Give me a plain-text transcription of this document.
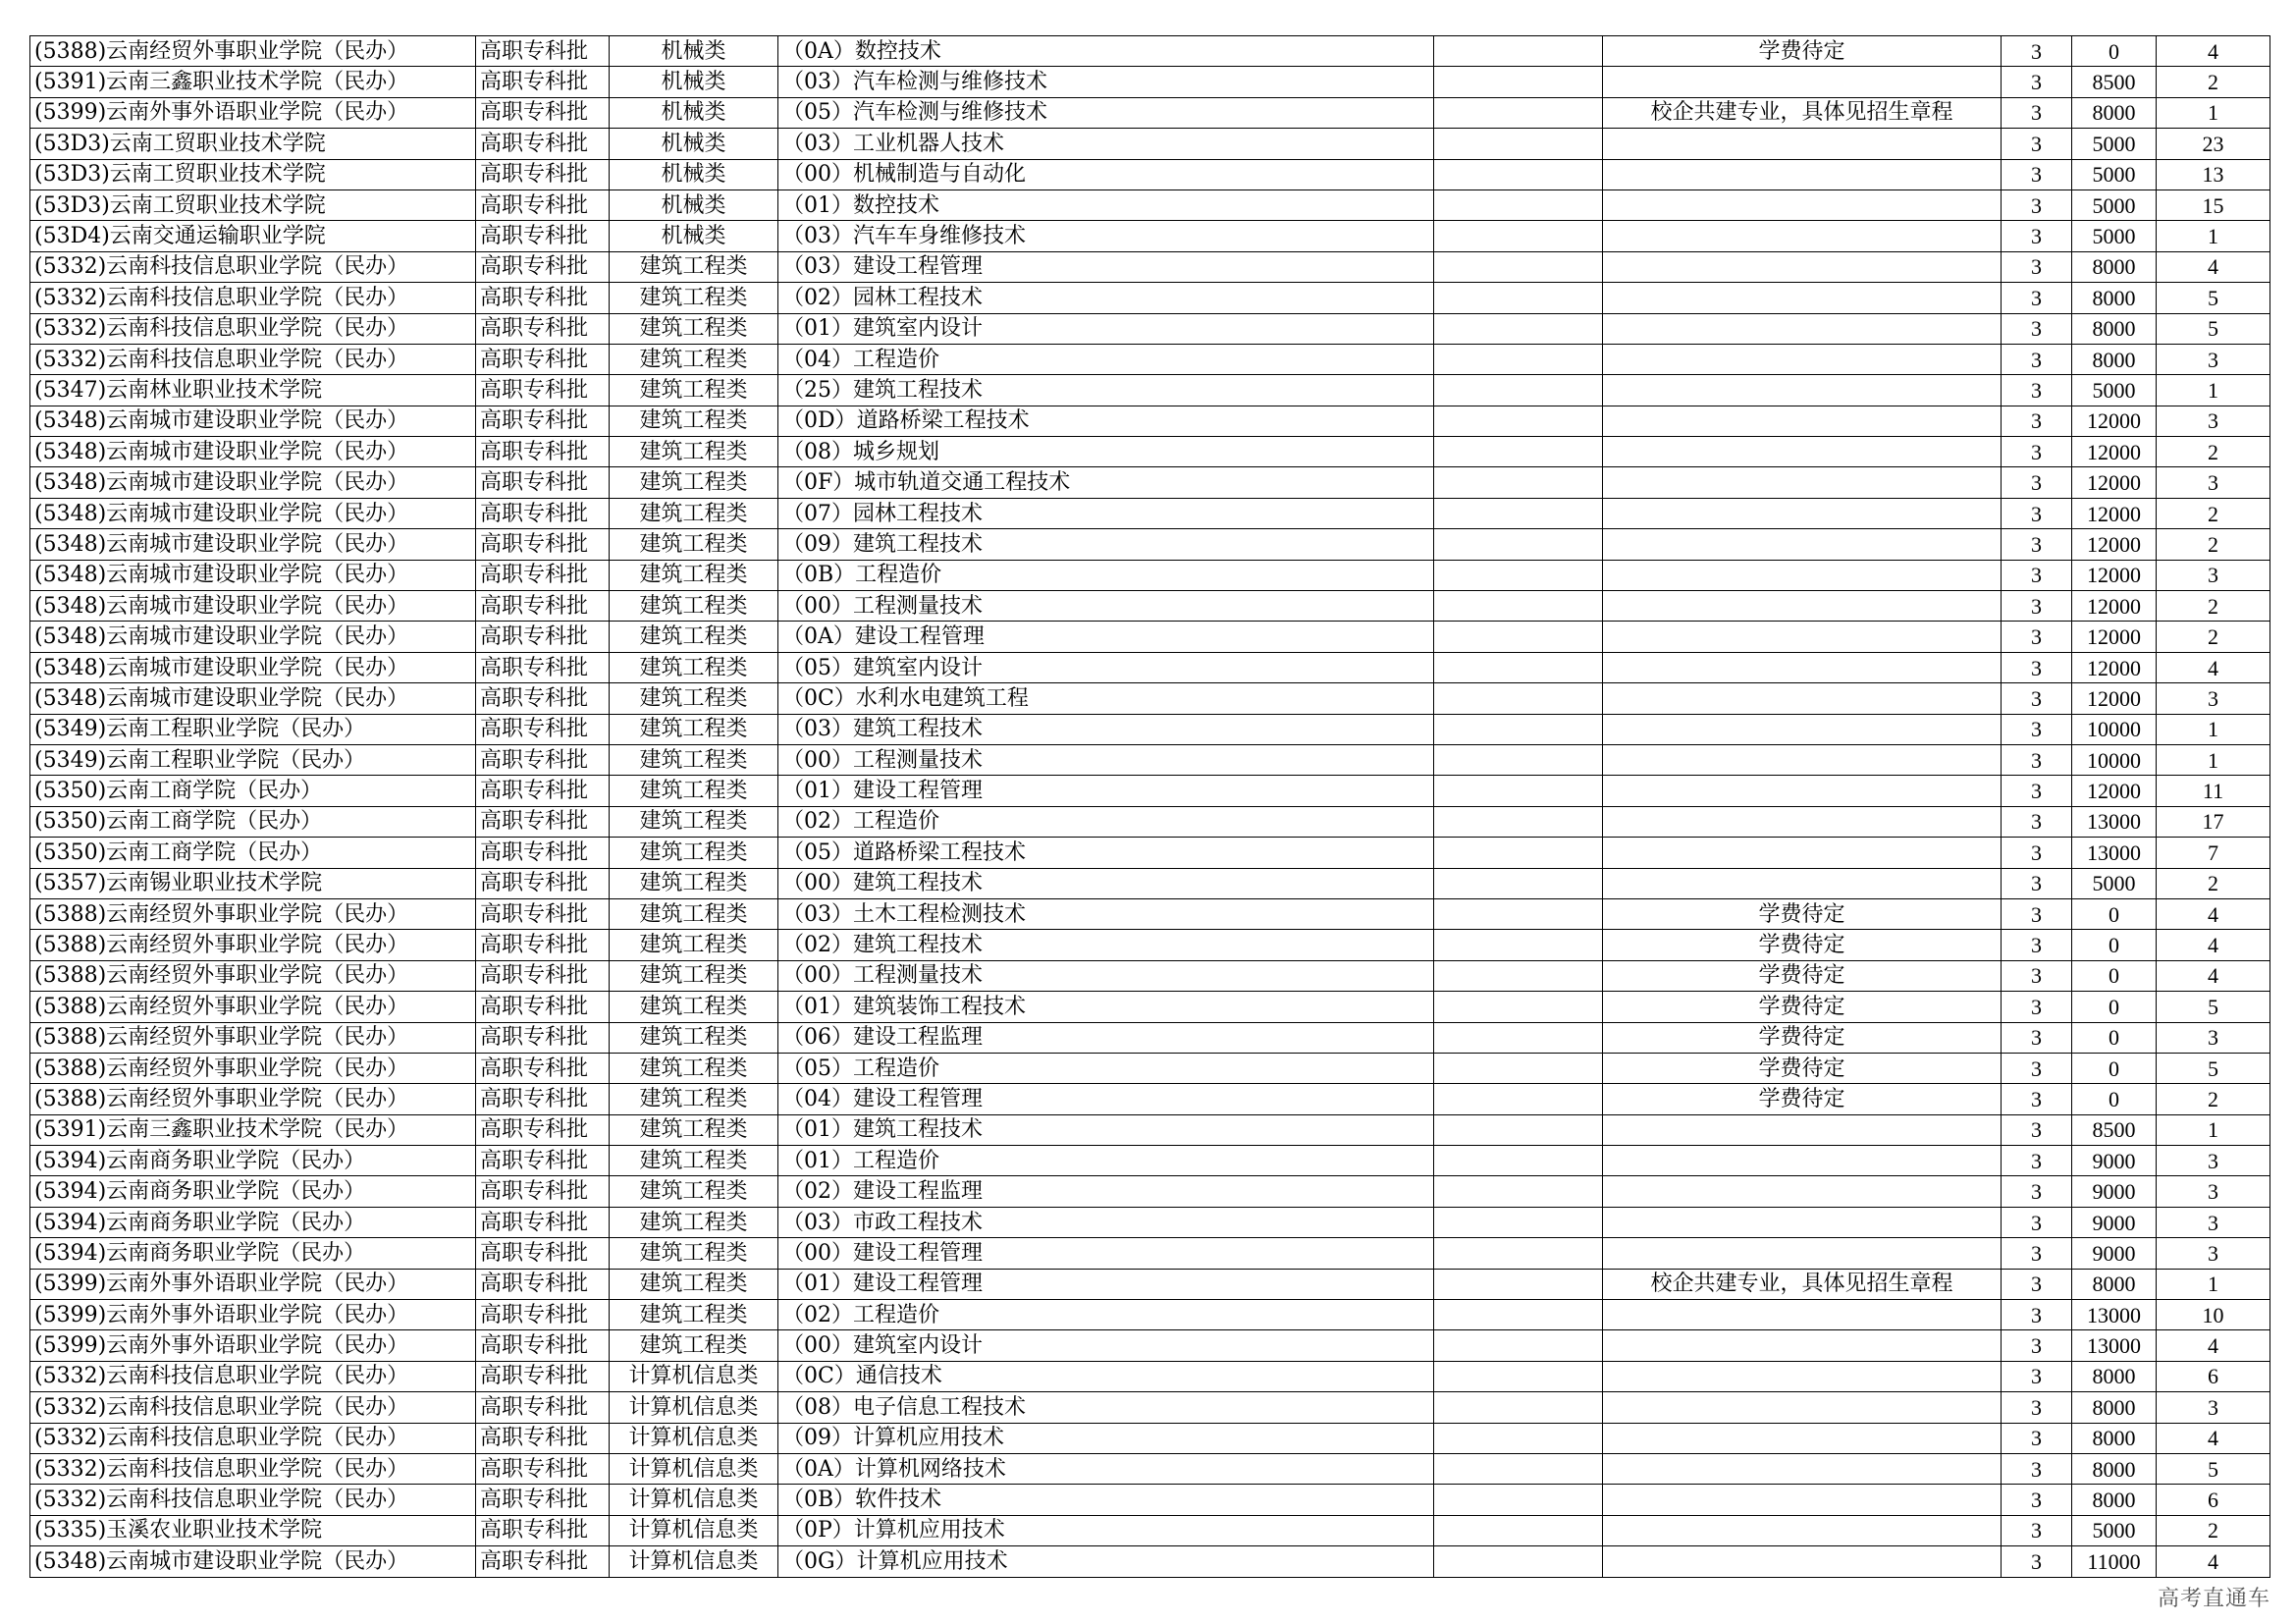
(5388)云南经贸外事职业学院（民办）	高职专科批	机械类	（0A）数控技术		学费待定	3	0	4
(5391)云南三鑫职业技术学院（民办）	高职专科批	机械类	（03）汽车检测与维修技术			3	8500	2
(5399)云南外事外语职业学院（民办）	高职专科批	机械类	（05）汽车检测与维修技术		校企共建专业，具体见招生章程	3	8000	1
(53D3)云南工贸职业技术学院	高职专科批	机械类	（03）工业机器人技术			3	5000	23
(53D3)云南工贸职业技术学院	高职专科批	机械类	（00）机械制造与自动化			3	5000	13
(53D3)云南工贸职业技术学院	高职专科批	机械类	（01）数控技术			3	5000	15
(53D4)云南交通运输职业学院	高职专科批	机械类	（03）汽车车身维修技术			3	5000	1
(5332)云南科技信息职业学院（民办）	高职专科批	建筑工程类	（03）建设工程管理			3	8000	4
(5332)云南科技信息职业学院（民办）	高职专科批	建筑工程类	（02）园林工程技术			3	8000	5
(5332)云南科技信息职业学院（民办）	高职专科批	建筑工程类	（01）建筑室内设计			3	8000	5
(5332)云南科技信息职业学院（民办）	高职专科批	建筑工程类	（04）工程造价			3	8000	3
(5347)云南林业职业技术学院	高职专科批	建筑工程类	（25）建筑工程技术			3	5000	1
(5348)云南城市建设职业学院（民办）	高职专科批	建筑工程类	（0D）道路桥梁工程技术			3	12000	3
(5348)云南城市建设职业学院（民办）	高职专科批	建筑工程类	（08）城乡规划			3	12000	2
(5348)云南城市建设职业学院（民办）	高职专科批	建筑工程类	（0F）城市轨道交通工程技术			3	12000	3
(5348)云南城市建设职业学院（民办）	高职专科批	建筑工程类	（07）园林工程技术			3	12000	2
(5348)云南城市建设职业学院（民办）	高职专科批	建筑工程类	（09）建筑工程技术			3	12000	2
(5348)云南城市建设职业学院（民办）	高职专科批	建筑工程类	（0B）工程造价			3	12000	3
(5348)云南城市建设职业学院（民办）	高职专科批	建筑工程类	（00）工程测量技术			3	12000	2
(5348)云南城市建设职业学院（民办）	高职专科批	建筑工程类	（0A）建设工程管理			3	12000	2
(5348)云南城市建设职业学院（民办）	高职专科批	建筑工程类	（05）建筑室内设计			3	12000	4
(5348)云南城市建设职业学院（民办）	高职专科批	建筑工程类	（0C）水利水电建筑工程			3	12000	3
(5349)云南工程职业学院（民办）	高职专科批	建筑工程类	（03）建筑工程技术			3	10000	1
(5349)云南工程职业学院（民办）	高职专科批	建筑工程类	（00）工程测量技术			3	10000	1
(5350)云南工商学院（民办）	高职专科批	建筑工程类	（01）建设工程管理			3	12000	11
(5350)云南工商学院（民办）	高职专科批	建筑工程类	（02）工程造价			3	13000	17
(5350)云南工商学院（民办）	高职专科批	建筑工程类	（05）道路桥梁工程技术			3	13000	7
(5357)云南锡业职业技术学院	高职专科批	建筑工程类	（00）建筑工程技术			3	5000	2
(5388)云南经贸外事职业学院（民办）	高职专科批	建筑工程类	（03）土木工程检测技术		学费待定	3	0	4
(5388)云南经贸外事职业学院（民办）	高职专科批	建筑工程类	（02）建筑工程技术		学费待定	3	0	4
(5388)云南经贸外事职业学院（民办）	高职专科批	建筑工程类	（00）工程测量技术		学费待定	3	0	4
(5388)云南经贸外事职业学院（民办）	高职专科批	建筑工程类	（01）建筑装饰工程技术		学费待定	3	0	5
(5388)云南经贸外事职业学院（民办）	高职专科批	建筑工程类	（06）建设工程监理		学费待定	3	0	3
(5388)云南经贸外事职业学院（民办）	高职专科批	建筑工程类	（05）工程造价		学费待定	3	0	5
(5388)云南经贸外事职业学院（民办）	高职专科批	建筑工程类	（04）建设工程管理		学费待定	3	0	2
(5391)云南三鑫职业技术学院（民办）	高职专科批	建筑工程类	（01）建筑工程技术			3	8500	1
(5394)云南商务职业学院（民办）	高职专科批	建筑工程类	（01）工程造价			3	9000	3
(5394)云南商务职业学院（民办）	高职专科批	建筑工程类	（02）建设工程监理			3	9000	3
(5394)云南商务职业学院（民办）	高职专科批	建筑工程类	（03）市政工程技术			3	9000	3
(5394)云南商务职业学院（民办）	高职专科批	建筑工程类	（00）建设工程管理			3	9000	3
(5399)云南外事外语职业学院（民办）	高职专科批	建筑工程类	（01）建设工程管理		校企共建专业，具体见招生章程	3	8000	1
(5399)云南外事外语职业学院（民办）	高职专科批	建筑工程类	（02）工程造价			3	13000	10
(5399)云南外事外语职业学院（民办）	高职专科批	建筑工程类	（00）建筑室内设计			3	13000	4
(5332)云南科技信息职业学院（民办）	高职专科批	计算机信息类	（0C）通信技术			3	8000	6
(5332)云南科技信息职业学院（民办）	高职专科批	计算机信息类	（08）电子信息工程技术			3	8000	3
(5332)云南科技信息职业学院（民办）	高职专科批	计算机信息类	（09）计算机应用技术			3	8000	4
(5332)云南科技信息职业学院（民办）	高职专科批	计算机信息类	（0A）计算机网络技术			3	8000	5
(5332)云南科技信息职业学院（民办）	高职专科批	计算机信息类	（0B）软件技术			3	8000	6
(5335)玉溪农业职业技术学院	高职专科批	计算机信息类	（0P）计算机应用技术			3	5000	2
(5348)云南城市建设职业学院（民办）	高职专科批	计算机信息类	（0G）计算机应用技术			3	11000	4
高考直通车
